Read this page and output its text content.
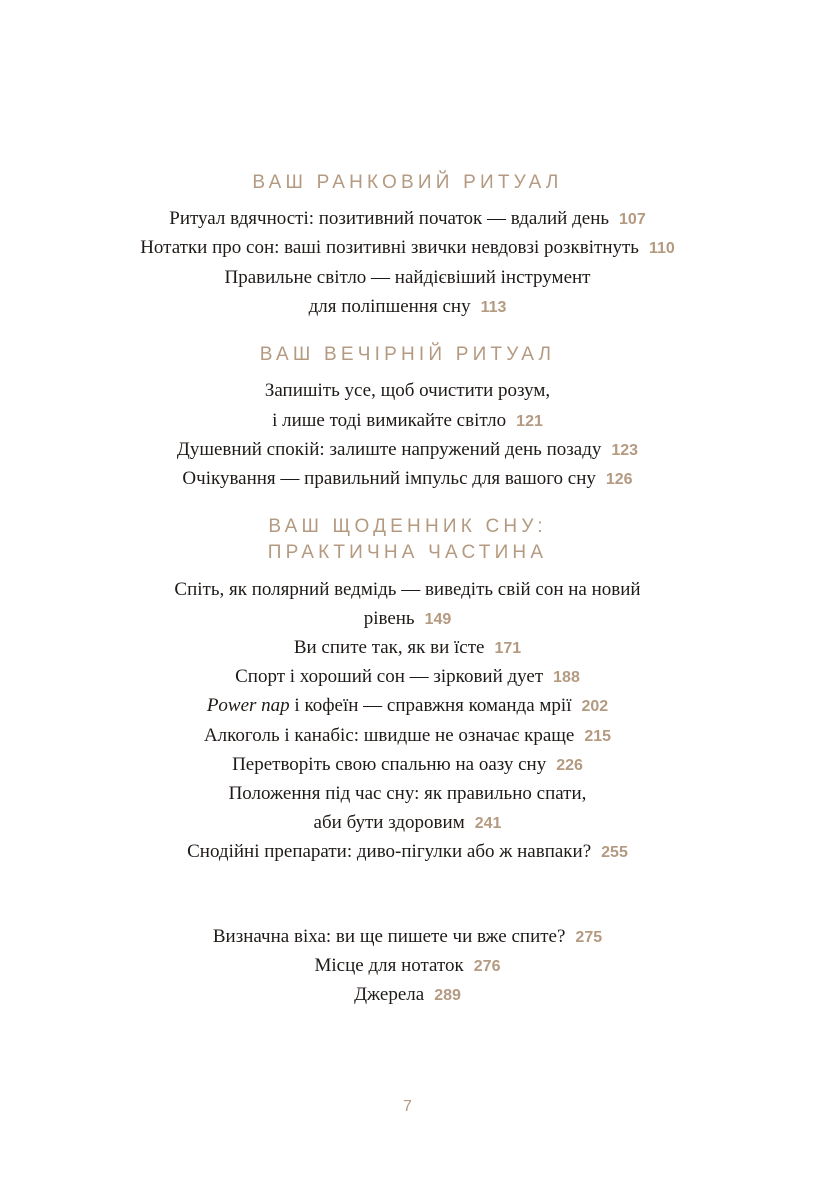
ВАШ РАНКОВИЙ РИТУАЛ
Ритуал вдячності: позитивний початок — вдалий день 107
Нотатки про сон: ваші позитивні звички невдовзі розквітнуть 110
Правильне світло — найдієвіший інструмент
для поліпшення сну 113
ВАШ ВЕЧІРНІЙ РИТУАЛ
Запишіть усе, щоб очистити розум,
і лише тоді вимикайте світло 121
Душевний спокій: залиште напружений день позаду 123
Очікування — правильний імпульс для вашого сну 126
ВАШ ЩОДЕННИК СНУ:
ПРАКТИЧНА ЧАСТИНА
Спіть, як полярний ведмідь — виведіть свій сон на новий
рівень 149
Ви спите так, як ви їсте 171
Спорт і хороший сон — зірковий дует 188
Power nap і кофеїн — справжня команда мрії 202
Алкоголь і канабіс: швидше не означає краще 215
Перетворіть свою спальню на оазу сну 226
Положення під час сну: як правильно спати,
аби бути здоровим 241
Снодійні препарати: диво-пігулки або ж навпаки? 255
Визначна віха: ви ще пишете чи вже спите? 275
Місце для нотаток 276
Джерела 289
7
